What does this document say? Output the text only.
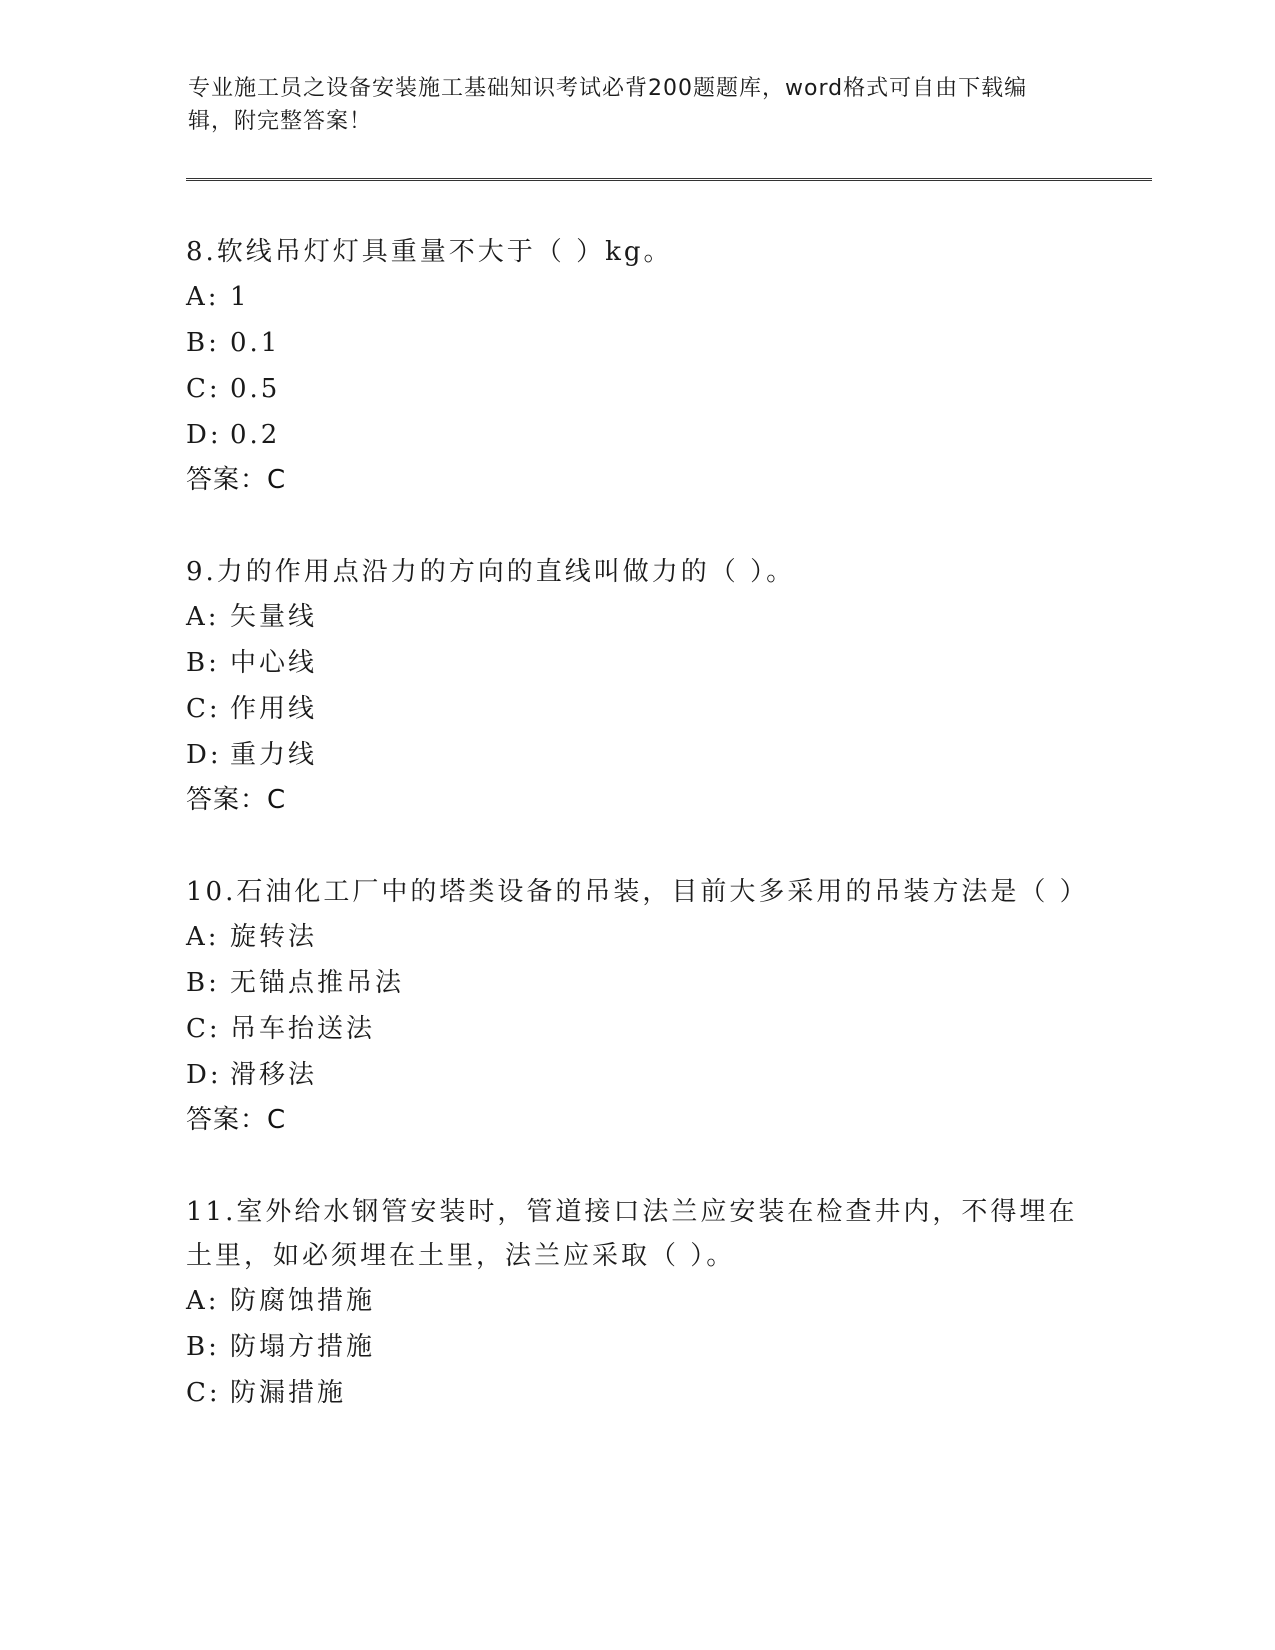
专业施工员之设备安装施工基础知识考试必背200题题库，word格式可自由下载编辑，附完整答案！

8.软线吊灯灯具重量不大于（ ）kg。

A: 1

B: 0.1

C: 0.5

D: 0.2

答案：C

9.力的作用点沿力的方向的直线叫做力的（ ）。

A: 矢量线

B: 中心线

C: 作用线

D: 重力线

答案：C

10.石油化工厂中的塔类设备的吊装，目前大多采用的吊装方法是（ ）

A: 旋转法

B: 无锚点推吊法

C: 吊车抬送法

D: 滑移法

答案：C

11.室外给水钢管安装时，管道接口法兰应安装在检查井内，不得埋在土里，如必须埋在土里，法兰应采取（ ）。

A: 防腐蚀措施

B: 防塌方措施

C: 防漏措施
